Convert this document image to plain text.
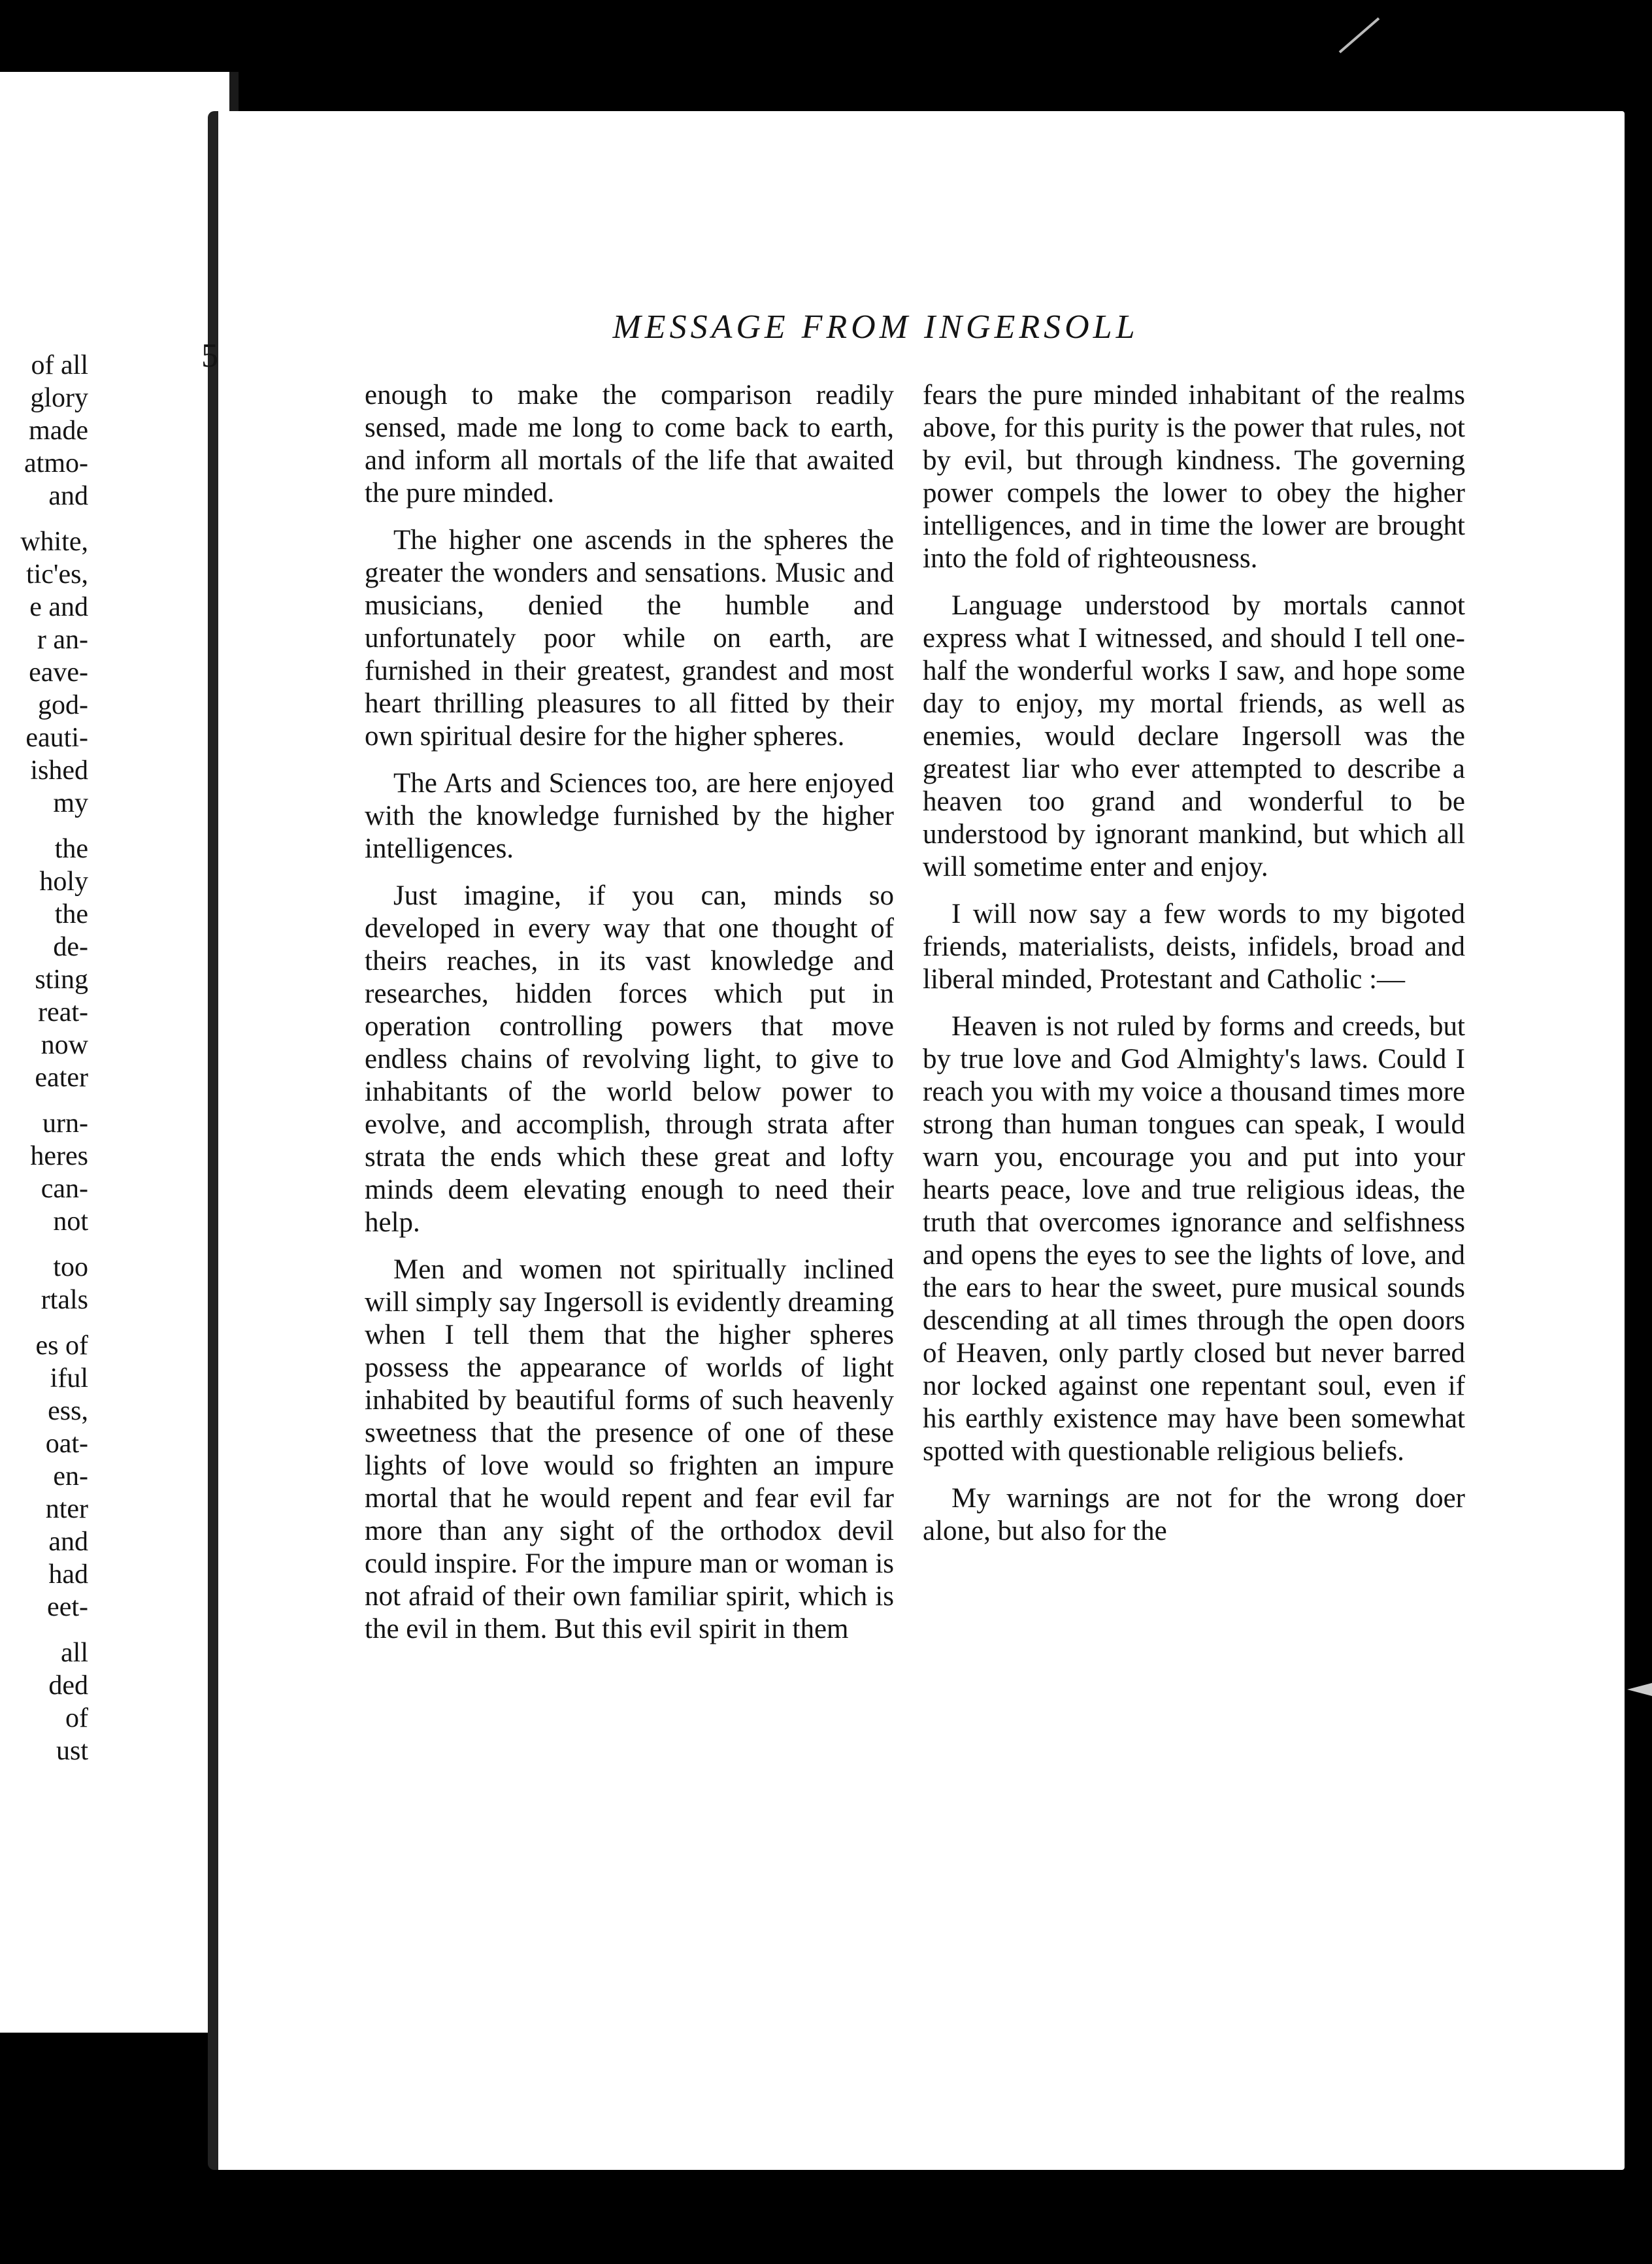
of all
glory
made
atmo-
and
white,
tic'es,
e and
r an-
eave-
god-
eauti-
ished
my
the
holy
the
de-
sting
reat-
now
eater
urn-
heres
can-
not
too
rtals
es of
iful
ess,
oat-
en-
nter
and
had
eet-
all
ded
of
ust
MESSAGE FROM INGERSOLL
5

enough to make the comparison readily sensed, made me long to come back to earth, and inform all mortals of the life that awaited the pure minded.

The higher one ascends in the spheres the greater the wonders and sensations. Music and musicians, denied the humble and unfortunately poor while on earth, are furnished in their greatest, grandest and most heart thrilling pleasures to all fitted by their own spiritual desire for the higher spheres.

The Arts and Sciences too, are here enjoyed with the knowledge furnished by the higher intelligences.

Just imagine, if you can, minds so developed in every way that one thought of theirs reaches, in its vast knowledge and researches, hidden forces which put in operation controlling powers that move endless chains of revolving light, to give to inhabitants of the world below power to evolve, and accomplish, through strata after strata the ends which these great and lofty minds deem elevating enough to need their help.

Men and women not spiritually inclined will simply say Ingersoll is evidently dreaming when I tell them that the higher spheres possess the appearance of worlds of light inhabited by beautiful forms of such heavenly sweetness that the presence of one of these lights of love would so frighten an impure mortal that he would repent and fear evil far more than any sight of the orthodox devil could inspire. For the impure man or woman is not afraid of their own familiar spirit, which is the evil in them. But this evil spirit in them

fears the pure minded inhabitant of the realms above, for this purity is the power that rules, not by evil, but through kindness. The governing power compels the lower to obey the higher intelligences, and in time the lower are brought into the fold of righteousness.

Language understood by mortals cannot express what I witnessed, and should I tell one-half the wonderful works I saw, and hope some day to enjoy, my mortal friends, as well as enemies, would declare Ingersoll was the greatest liar who ever attempted to describe a heaven too grand and wonderful to be understood by ignorant mankind, but which all will sometime enter and enjoy.

I will now say a few words to my bigoted friends, materialists, deists, infidels, broad and liberal minded, Protestant and Catholic :—

Heaven is not ruled by forms and creeds, but by true love and God Almighty's laws. Could I reach you with my voice a thousand times more strong than human tongues can speak, I would warn you, encourage you and put into your hearts peace, love and true religious ideas, the truth that overcomes ignorance and selfishness and opens the eyes to see the lights of love, and the ears to hear the sweet, pure musical sounds descending at all times through the open doors of Heaven, only partly closed but never barred nor locked against one repentant soul, even if his earthly existence may have been somewhat spotted with questionable religious beliefs.

My warnings are not for the wrong doer alone, but also for the
